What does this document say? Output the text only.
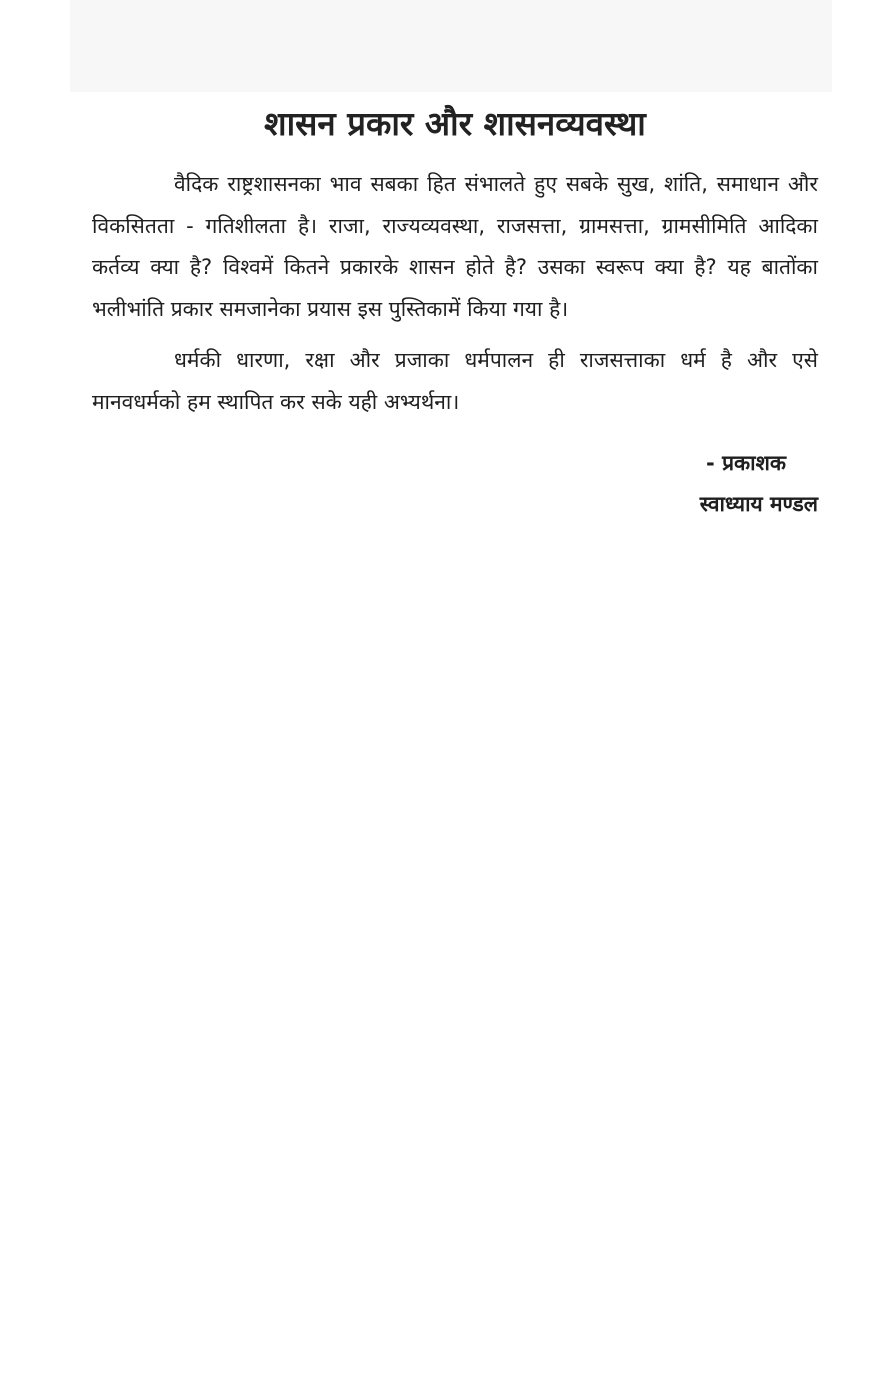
शासन प्रकार और शासनव्यवस्था

वैदिक राष्ट्रशासनका भाव सबका हित संभालते हुए सबके सुख, शांति, समाधान और विकसितता - गतिशीलता है। राजा, राज्यव्यवस्था, राजसत्ता, ग्रामसत्ता, ग्रामसीमिति आदिका कर्तव्य क्या है? विश्वमें कितने प्रकारके शासन होते है? उसका स्वरूप क्या है? यह बातोंका भलीभांति प्रकार समजानेका प्रयास इस पुस्तिकामें किया गया है।

धर्मकी धारणा, रक्षा और प्रजाका धर्मपालन ही राजसत्ताका धर्म है और एसे मानवधर्मको हम स्थापित कर सके यही अभ्यर्थना।

- प्रकाशक
स्वाध्याय मण्डल
